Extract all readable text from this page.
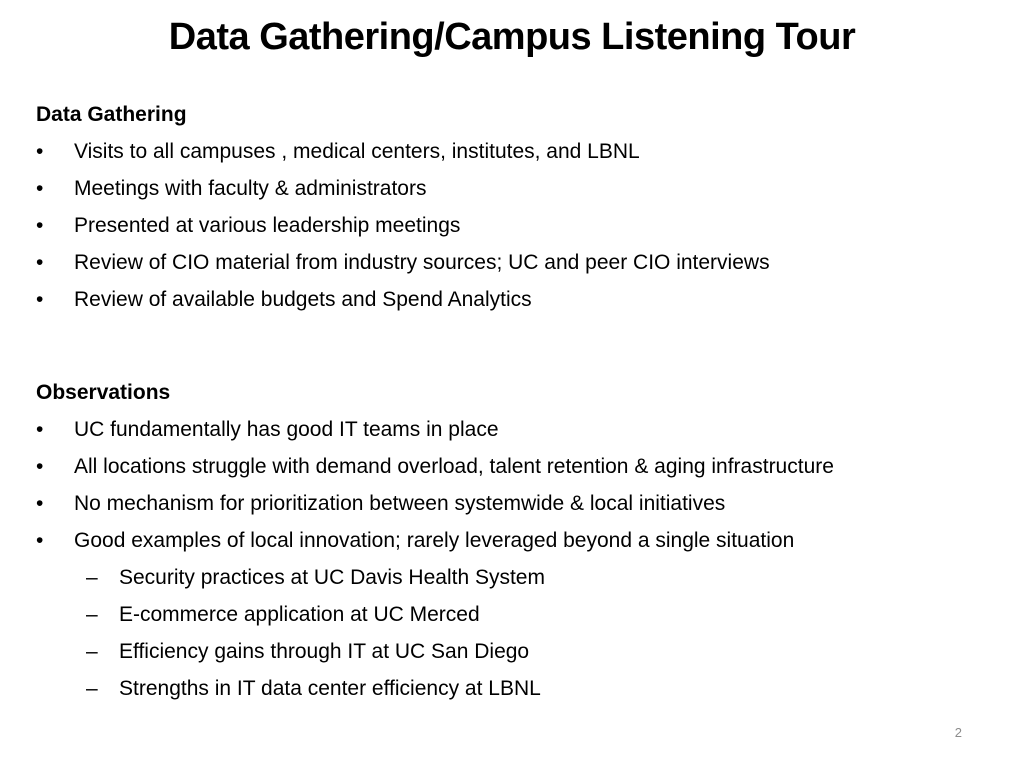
Data Gathering/Campus Listening Tour
Data Gathering
•	Visits to all campuses , medical centers, institutes, and LBNL
•	Meetings with faculty & administrators
•	Presented at various leadership meetings
•	Review of CIO material from industry sources; UC and peer CIO interviews
•	Review of available budgets and Spend Analytics
Observations
•	UC fundamentally has good IT teams in place
•	All locations struggle with demand overload, talent retention & aging infrastructure
•	No mechanism for prioritization between systemwide & local initiatives
•	Good examples of local innovation; rarely leveraged beyond a single situation
–	Security practices at UC Davis Health System
–	E-commerce application at UC Merced
–	Efficiency gains through IT at UC San Diego
–	Strengths in IT data center efficiency at LBNL
2
